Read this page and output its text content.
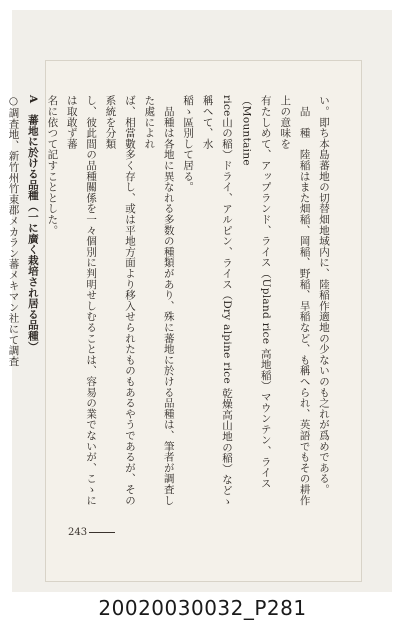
い。即ち本島蕃地の切替畑地域内に、陸稲作適地の少ないのも之れが爲めである。

　品　種　陸稲はまた畑稲、岡稲、野稲、旱稲など、も稱へられ、英語でもその耕作上の意味を

有たしめて、アップランド、ライス（Upland rice 高地稲）マウンテン、ライス（Mountaine

rice山の稲）ドライ、アルピン、ライス（Dry alpine rice 乾燥高山地の稲）などゝ稱へて、水

稲ゝ區別して居る。

　品種は各地に異なれる多数の種類があり、殊に蕃地に於ける品種は、筆者が調査した處によれ

ば、相當數多く存し、或は平地方面より移入せられたものもあるやうであるが、その系統を分類

し、彼此間の品種關係を一々個別に判明せしむることは、容易の業でないが、こゝには取敢ず蕃

名に依つて記すこととした。

A　蕃地に於ける品種（一に廣く栽培され居る品種）

○調査地、新竹州竹東郡メカラン蕃メキマン社にて調査

243
20020030032_P281
